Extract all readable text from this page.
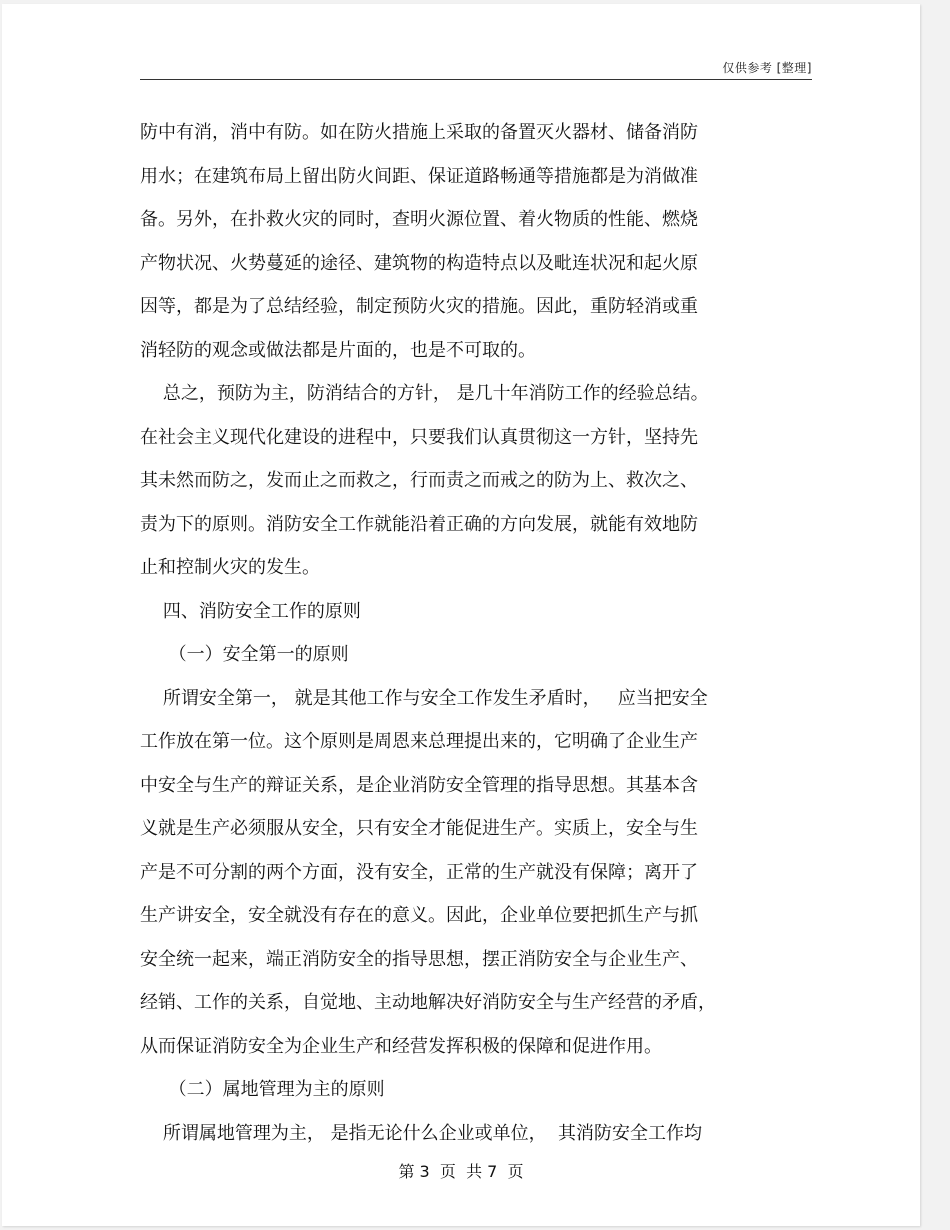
仅供参考 [整理]
防中有消，消中有防。如在防火措施上采取的备置灭火器材、储备消防
用水；在建筑布局上留出防火间距、保证道路畅通等措施都是为消做准
备。另外，在扑救火灾的同时，查明火源位置、着火物质的性能、燃烧
产物状况、火势蔓延的途径、建筑物的构造特点以及毗连状况和起火原
因等，都是为了总结经验，制定预防火灾的措施。因此，重防轻消或重
消轻防的观念或做法都是片面的，也是不可取的。
总之，预防为主，防消结合的方针， 是几十年消防工作的经验总结。
在社会主义现代化建设的进程中，只要我们认真贯彻这一方针，坚持先
其未然而防之，发而止之而救之，行而责之而戒之的防为上、救次之、
责为下的原则。消防安全工作就能沿着正确的方向发展，就能有效地防
止和控制火灾的发生。
四、消防安全工作的原则
（一）安全第一的原则
所谓安全第一， 就是其他工作与安全工作发生矛盾时，   应当把安全
工作放在第一位。这个原则是周恩来总理提出来的，它明确了企业生产
中安全与生产的辩证关系，是企业消防安全管理的指导思想。其基本含
义就是生产必须服从安全，只有安全才能促进生产。实质上，安全与生
产是不可分割的两个方面，没有安全，正常的生产就没有保障；离开了
生产讲安全，安全就没有存在的意义。因此，企业单位要把抓生产与抓
安全统一起来，端正消防安全的指导思想，摆正消防安全与企业生产、
经销、工作的关系，自觉地、主动地解决好消防安全与生产经营的矛盾，
从而保证消防安全为企业生产和经营发挥积极的保障和促进作用。
（二）属地管理为主的原则
所谓属地管理为主， 是指无论什么企业或单位，  其消防安全工作均
第 3  页  共 7  页
